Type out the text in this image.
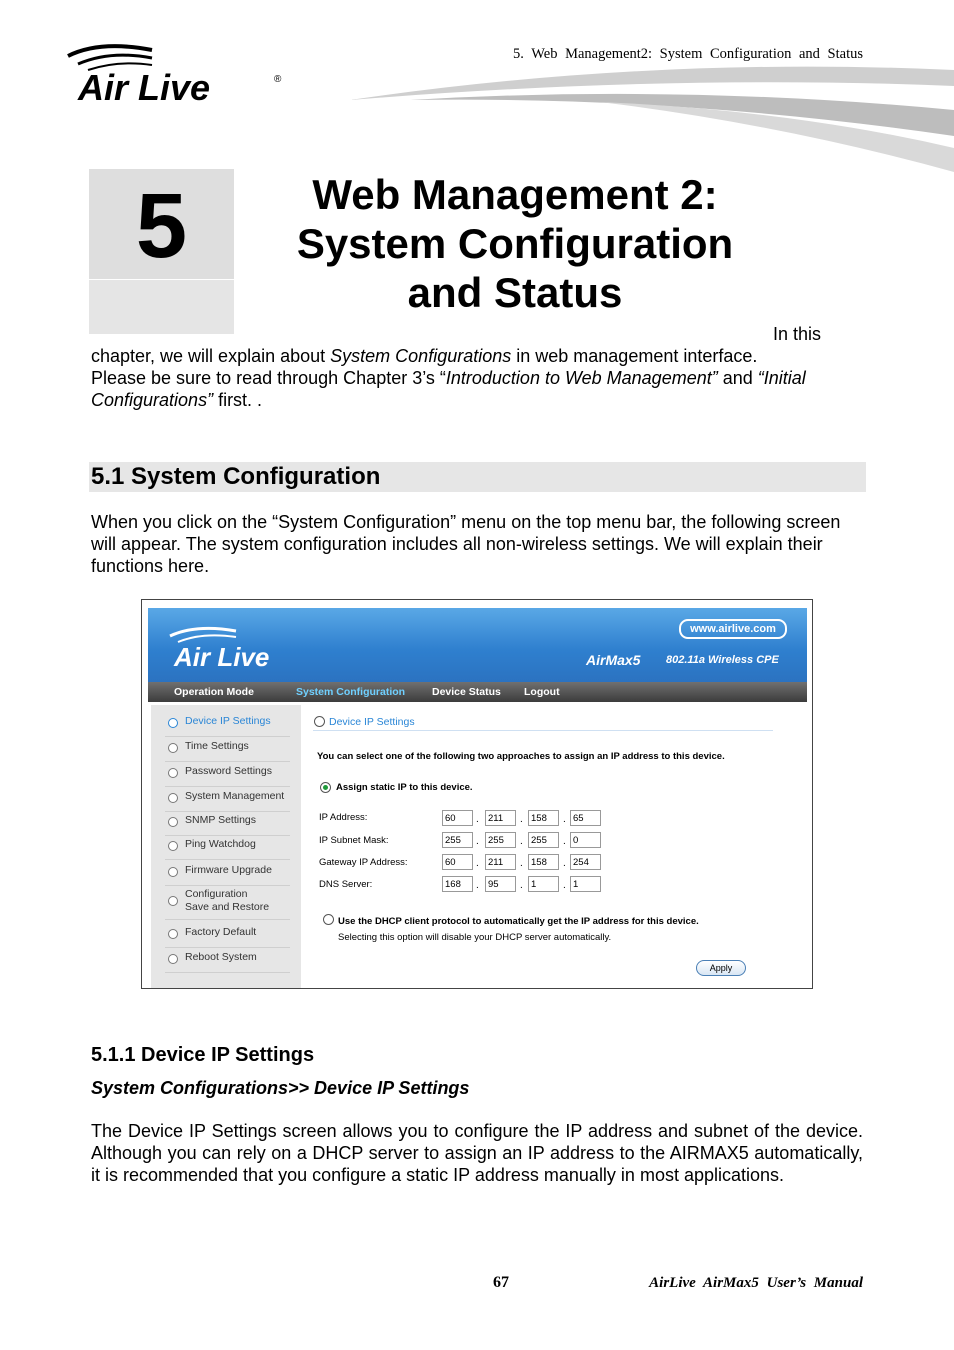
5. Web Management2: System Configuration and Status
Air Live	®
5	Web Management 2:
System Configuration
and Status
In this
chapter, we will explain about System Configurations in web management interface.
Please be sure to read through Chapter 3’s “Introduction to Web Management” and “Initial
Configurations” first. .
5.1 System Configuration
When you click on the “System Configuration” menu on the top menu bar, the following screen will appear. The system configuration includes all non-wireless settings. We will explain their functions here.
Air Live
www.airlive.com
AirMax5 802.11a Wireless CPE
Operation Mode	System Configuration	Device Status Logout
Device IP Settings
Time Settings
Password Settings
System Management
SNMP Settings
Ping Watchdog
Firmware Upgrade
Configuration
Save and Restore
Factory Default
Reboot System
Device IP Settings
You can select one of the following two approaches to assign an IP address to this device.
Assign static IP to this device.
IP Address:	60	. 211	. 158	. 65
IP Subnet Mask:	255	. 255	. 255	. 0
Gateway IP Address:	60	. 211	. 158	. 254
DNS Server:	168	. 95	. 1	. 1
Use the DHCP client protocol to automatically get the IP address for this device.
Selecting this option will disable your DHCP server automatically.
Apply
5.1.1 Device IP Settings
System Configurations>> Device IP Settings
The Device IP Settings screen allows you to configure the IP address and subnet of the device. Although you can rely on a DHCP server to assign an IP address to the AIRMAX5 automatically, it is recommended that you configure a static IP address manually in most applications.
67	AirLive AirMax5 User’s Manual
